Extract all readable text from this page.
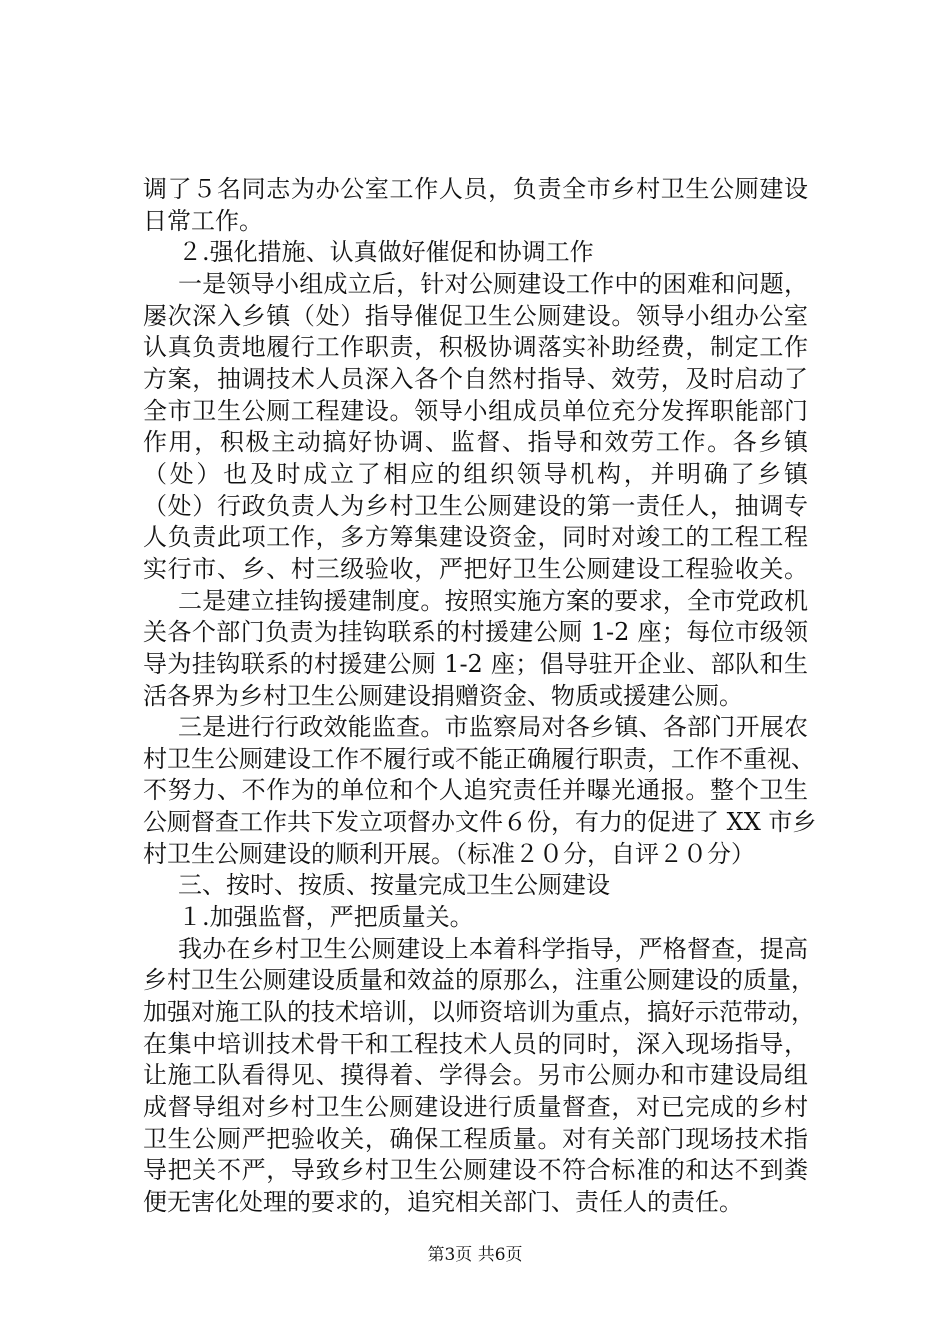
调了５名同志为办公室工作人员，负责全市乡村卫生公厕建设
日常工作。
２.强化措施、认真做好催促和协调工作
一是领导小组成立后，针对公厕建设工作中的困难和问题，
屡次深入乡镇（处）指导催促卫生公厕建设。领导小组办公室
认真负责地履行工作职责，积极协调落实补助经费，制定工作
方案，抽调技术人员深入各个自然村指导、效劳，及时启动了
全市卫生公厕工程建设。领导小组成员单位充分发挥职能部门
作用，积极主动搞好协调、监督、指导和效劳工作。各乡镇
（处）也及时成立了相应的组织领导机构，并明确了乡镇
（处）行政负责人为乡村卫生公厕建设的第一责任人，抽调专
人负责此项工作，多方筹集建设资金，同时对竣工的工程工程
实行市、乡、村三级验收，严把好卫生公厕建设工程验收关。
二是建立挂钩援建制度。按照实施方案的要求，全市党政机
关各个部门负责为挂钩联系的村援建公厕 1-2 座；每位市级领
导为挂钩联系的村援建公厕 1-2 座；倡导驻开企业、部队和生
活各界为乡村卫生公厕建设捐赠资金、物质或援建公厕。
三是进行行政效能监查。市监察局对各乡镇、各部门开展农
村卫生公厕建设工作不履行或不能正确履行职责，工作不重视、
不努力、不作为的单位和个人追究责任并曝光通报。整个卫生
公厕督查工作共下发立项督办文件６份，有力的促进了 XX 市乡
村卫生公厕建设的顺利开展。（标准２０分，自评２０分）
三、按时、按质、按量完成卫生公厕建设
１.加强监督，严把质量关。
我办在乡村卫生公厕建设上本着科学指导，严格督查，提高
乡村卫生公厕建设质量和效益的原那么，注重公厕建设的质量，
加强对施工队的技术培训，以师资培训为重点，搞好示范带动，
在集中培训技术骨干和工程技术人员的同时，深入现场指导，
让施工队看得见、摸得着、学得会。另市公厕办和市建设局组
成督导组对乡村卫生公厕建设进行质量督查，对已完成的乡村
卫生公厕严把验收关，确保工程质量。对有关部门现场技术指
导把关不严，导致乡村卫生公厕建设不符合标准的和达不到粪
便无害化处理的要求的，追究相关部门、责任人的责任。
第3页 共6页
